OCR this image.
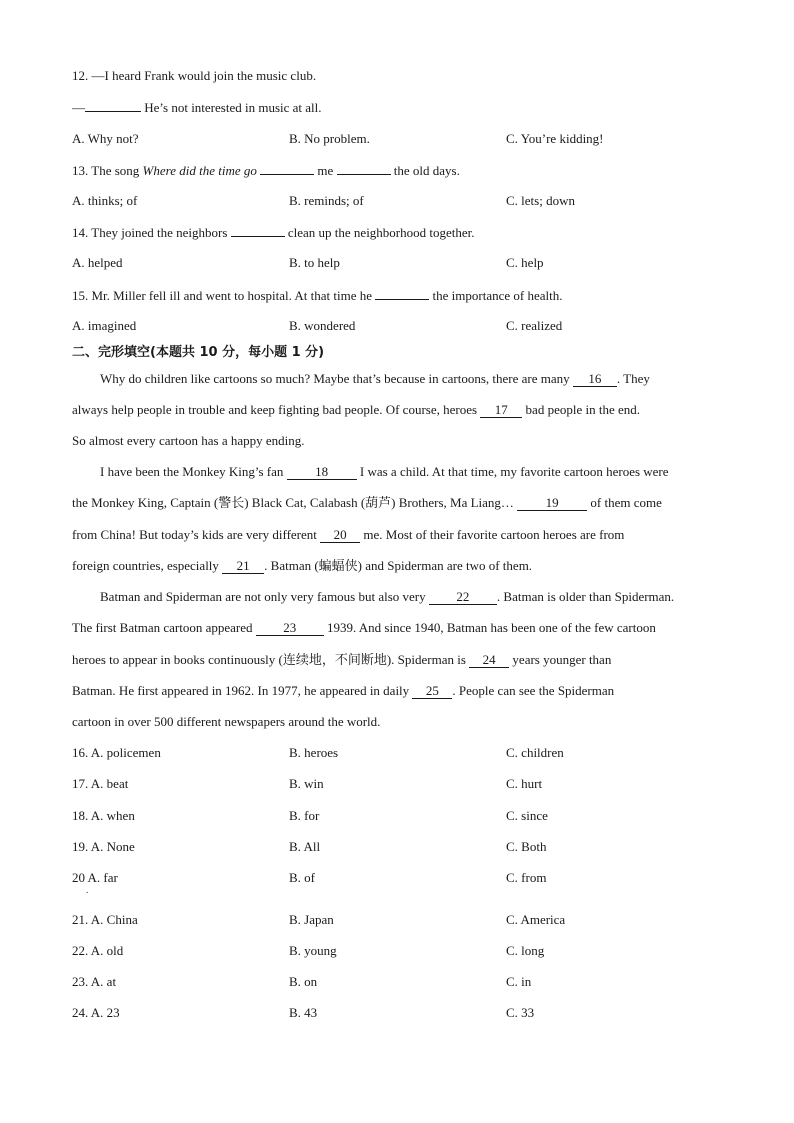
12. —I heard Frank would join the music club.
—	He’s not interested in music at all.
A. Why not?	B. No problem.	C. You’re kidding!
13. The song Where did the time go	me	the old days.
A. thinks; of	B. reminds; of	C. lets; down
14. They joined the neighbors	clean up the neighborhood together.
A. helped	B. to help	C. help
15. Mr. Miller fell ill and went to hospital. At that time he	the importance of health.
A. imagined	B. wondered	C. realized
二、完形填空(本题共 10 分，每小题 1 分)
Why do children like cartoons so much? Maybe that’s because in cartoons, there are many 16 . They
always help people in trouble and keep fighting bad people. Of course, heroes 17 bad people in the end.
So almost every cartoon has a happy ending.
I have been the Monkey King’s fan 18 I was a child. At that time, my favorite cartoon heroes were
the Monkey King, Captain (警长) Black Cat, Calabash (葫芦) Brothers, Ma Liang… 19 of them come
from China! But today’s kids are very different 20 me. Most of their favorite cartoon heroes are from
foreign countries, especially 21 . Batman (蝙蝠侠) and Spiderman are two of them.
Batman and Spiderman are not only very famous but also very 22 . Batman is older than Spiderman.
The first Batman cartoon appeared 23 1939. And since 1940, Batman has been one of the few cartoon
heroes to appear in books continuously (连续地，不间断地). Spiderman is 24 years younger than
Batman. He first appeared in 1962. In 1977, he appeared in daily 25 . People can see the Spiderman
cartoon in over 500 different newspapers around the world.
16. A. policemen	B. heroes	C. children
17. A. beat	B. win	C. hurt
18. A. when	B. for	C. since
19. A. None	B. All	C. Both
20 A. far	B. of	C. from
.
21. A. China	B. Japan	C. America
22. A. old	B. young	C. long
23. A. at	B. on	C. in
24. A. 23	B. 43	C. 33
